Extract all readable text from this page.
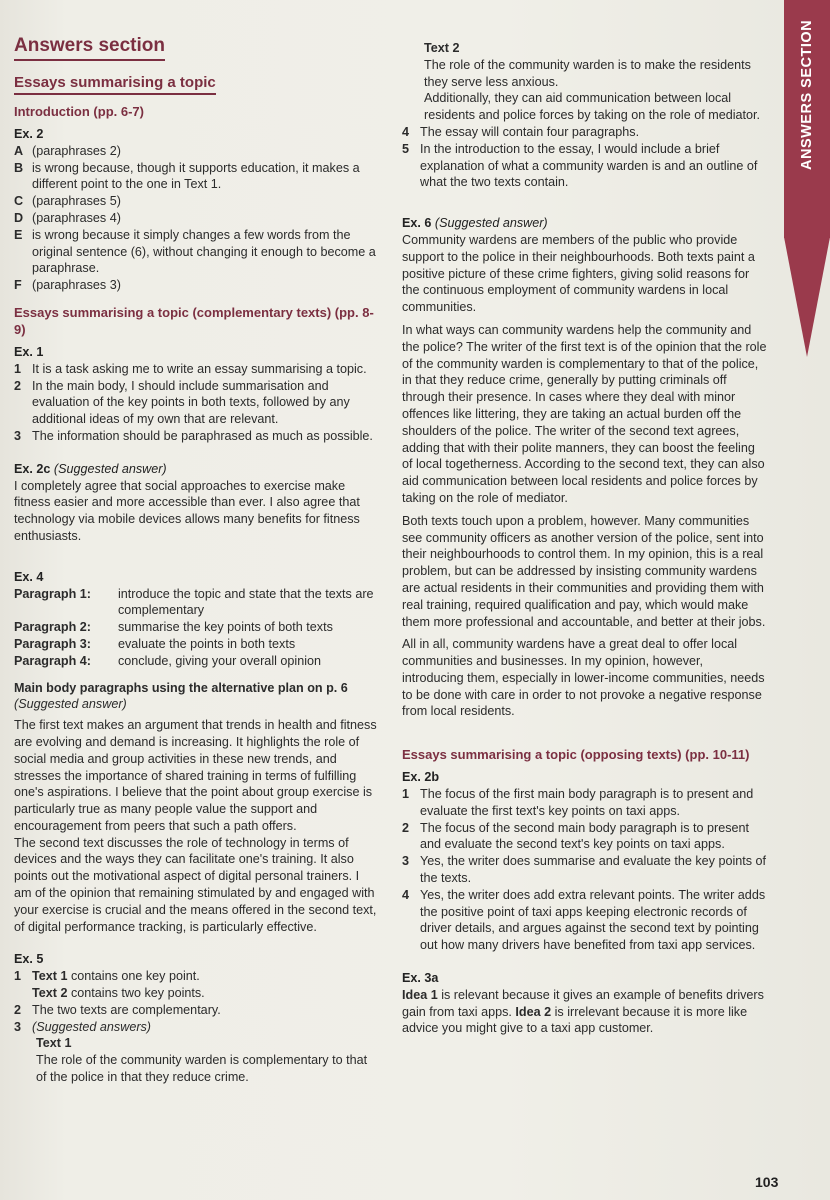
ANSWERS SECTION
Answers section
Essays summarising a topic
Introduction (pp. 6-7)
Ex. 2
A (paraphrases 2)
B is wrong because, though it supports education, it makes a different point to the one in Text 1.
C (paraphrases 5)
D (paraphrases 4)
E is wrong because it simply changes a few words from the original sentence (6), without changing it enough to become a paraphrase.
F (paraphrases 3)
Essays summarising a topic (complementary texts) (pp. 8-9)
Ex. 1
1 It is a task asking me to write an essay summarising a topic.
2 In the main body, I should include summarisation and evaluation of the key points in both texts, followed by any additional ideas of my own that are relevant.
3 The information should be paraphrased as much as possible.
Ex. 2c (Suggested answer)

I completely agree that social approaches to exercise make fitness easier and more accessible than ever. I also agree that technology via mobile devices allows many benefits for fitness enthusiasts.

Ex. 4
Paragraph 1:	introduce the topic and state that the texts are complementary
Paragraph 2:	summarise the key points of both texts
Paragraph 3:	evaluate the points in both texts
Paragraph 4:	conclude, giving your overall opinion
Main body paragraphs using the alternative plan on p. 6 (Suggested answer)

The first text makes an argument that trends in health and fitness are evolving and demand is increasing. It highlights the role of social media and group activities in these new trends, and stresses the importance of shared training in terms of fulfilling one's aspirations. I believe that the point about group exercise is particularly true as many people value the support and encouragement from peers that such a path offers.

The second text discusses the role of technology in terms of devices and the ways they can facilitate one's training. It also points out the motivational aspect of digital personal trainers. I am of the opinion that remaining stimulated by and engaged with your exercise is crucial and the means offered in the second text, of digital performance tracking, is particularly effective.

Ex. 5
1 Text 1 contains one key point.
Text 2 contains two key points.
2 The two texts are complementary.
3 (Suggested answers)
Text 1
The role of the community warden is complementary to that of the police in that they reduce crime.
Text 2
The role of the community warden is to make the residents they serve less anxious.
Additionally, they can aid communication between local residents and police forces by taking on the role of mediator.
4 The essay will contain four paragraphs.
5 In the introduction to the essay, I would include a brief explanation of what a community warden is and an outline of what the two texts contain.
Ex. 6 (Suggested answer)

Community wardens are members of the public who provide support to the police in their neighbourhoods. Both texts paint a positive picture of these crime fighters, giving solid reasons for the continuous employment of community wardens in local communities.

In what ways can community wardens help the community and the police? The writer of the first text is of the opinion that the role of the community warden is complementary to that of the police, in that they reduce crime, generally by putting criminals off through their presence. In cases where they deal with minor offences like littering, they are taking an actual burden off the shoulders of the police. The writer of the second text agrees, adding that with their polite manners, they can boost the feeling of local togetherness. According to the second text, they can also aid communication between local residents and police forces by taking on the role of mediator.

Both texts touch upon a problem, however. Many communities see community officers as another version of the police, sent into their neighbourhoods to control them. In my opinion, this is a real problem, but can be addressed by insisting community wardens are actual residents in their communities and providing them with real training, required qualification and pay, which would make them more professional and accountable, and better at their jobs.

All in all, community wardens have a great deal to offer local communities and businesses. In my opinion, however, introducing them, especially in lower-income communities, needs to be done with care in order to not provoke a negative response from local residents.

Essays summarising a topic (opposing texts) (pp. 10-11)
Ex. 2b
1 The focus of the first main body paragraph is to present and evaluate the first text's key points on taxi apps.
2 The focus of the second main body paragraph is to present and evaluate the second text's key points on taxi apps.
3 Yes, the writer does summarise and evaluate the key points of the texts.
4 Yes, the writer does add extra relevant points. The writer adds the positive point of taxi apps keeping electronic records of driver details, and argues against the second text by pointing out how many drivers have benefited from taxi app services.
Ex. 3a

Idea 1 is relevant because it gives an example of benefits drivers gain from taxi apps. Idea 2 is irrelevant because it is more like advice you might give to a taxi app customer.

103
